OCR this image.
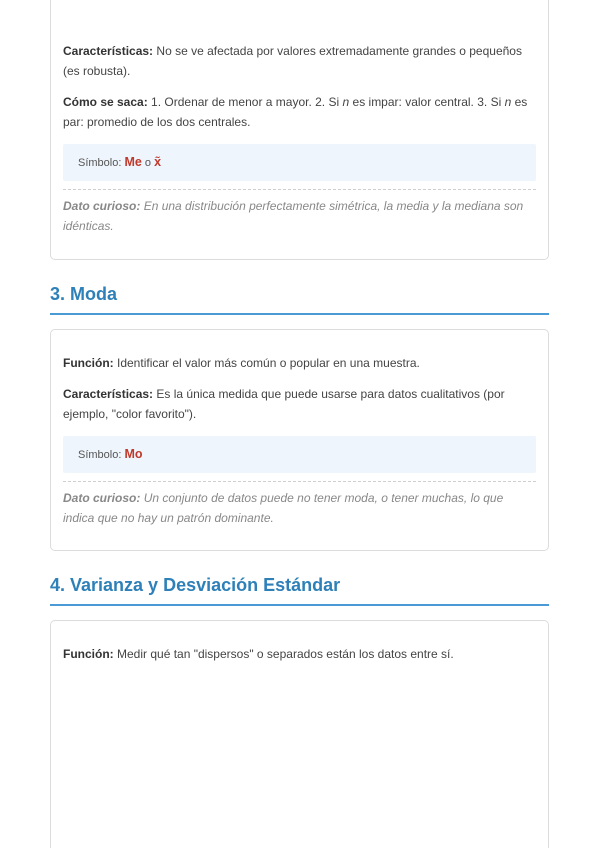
Características: No se ve afectada por valores extremadamente grandes o pequeños (es robusta).

Cómo se saca: 1. Ordenar de menor a mayor. 2. Si n es impar: valor central. 3. Si n es par: promedio de los dos centrales.

Símbolo: Me o x̃

Dato curioso: En una distribución perfectamente simétrica, la media y la mediana son idénticas.

3. Moda

Función: Identificar el valor más común o popular en una muestra.

Características: Es la única medida que puede usarse para datos cualitativos (por ejemplo, "color favorito").

Símbolo: Mo

Dato curioso: Un conjunto de datos puede no tener moda, o tener muchas, lo que indica que no hay un patrón dominante.

4. Varianza y Desviación Estándar

Función: Medir qué tan "dispersos" o separados están los datos entre sí.
